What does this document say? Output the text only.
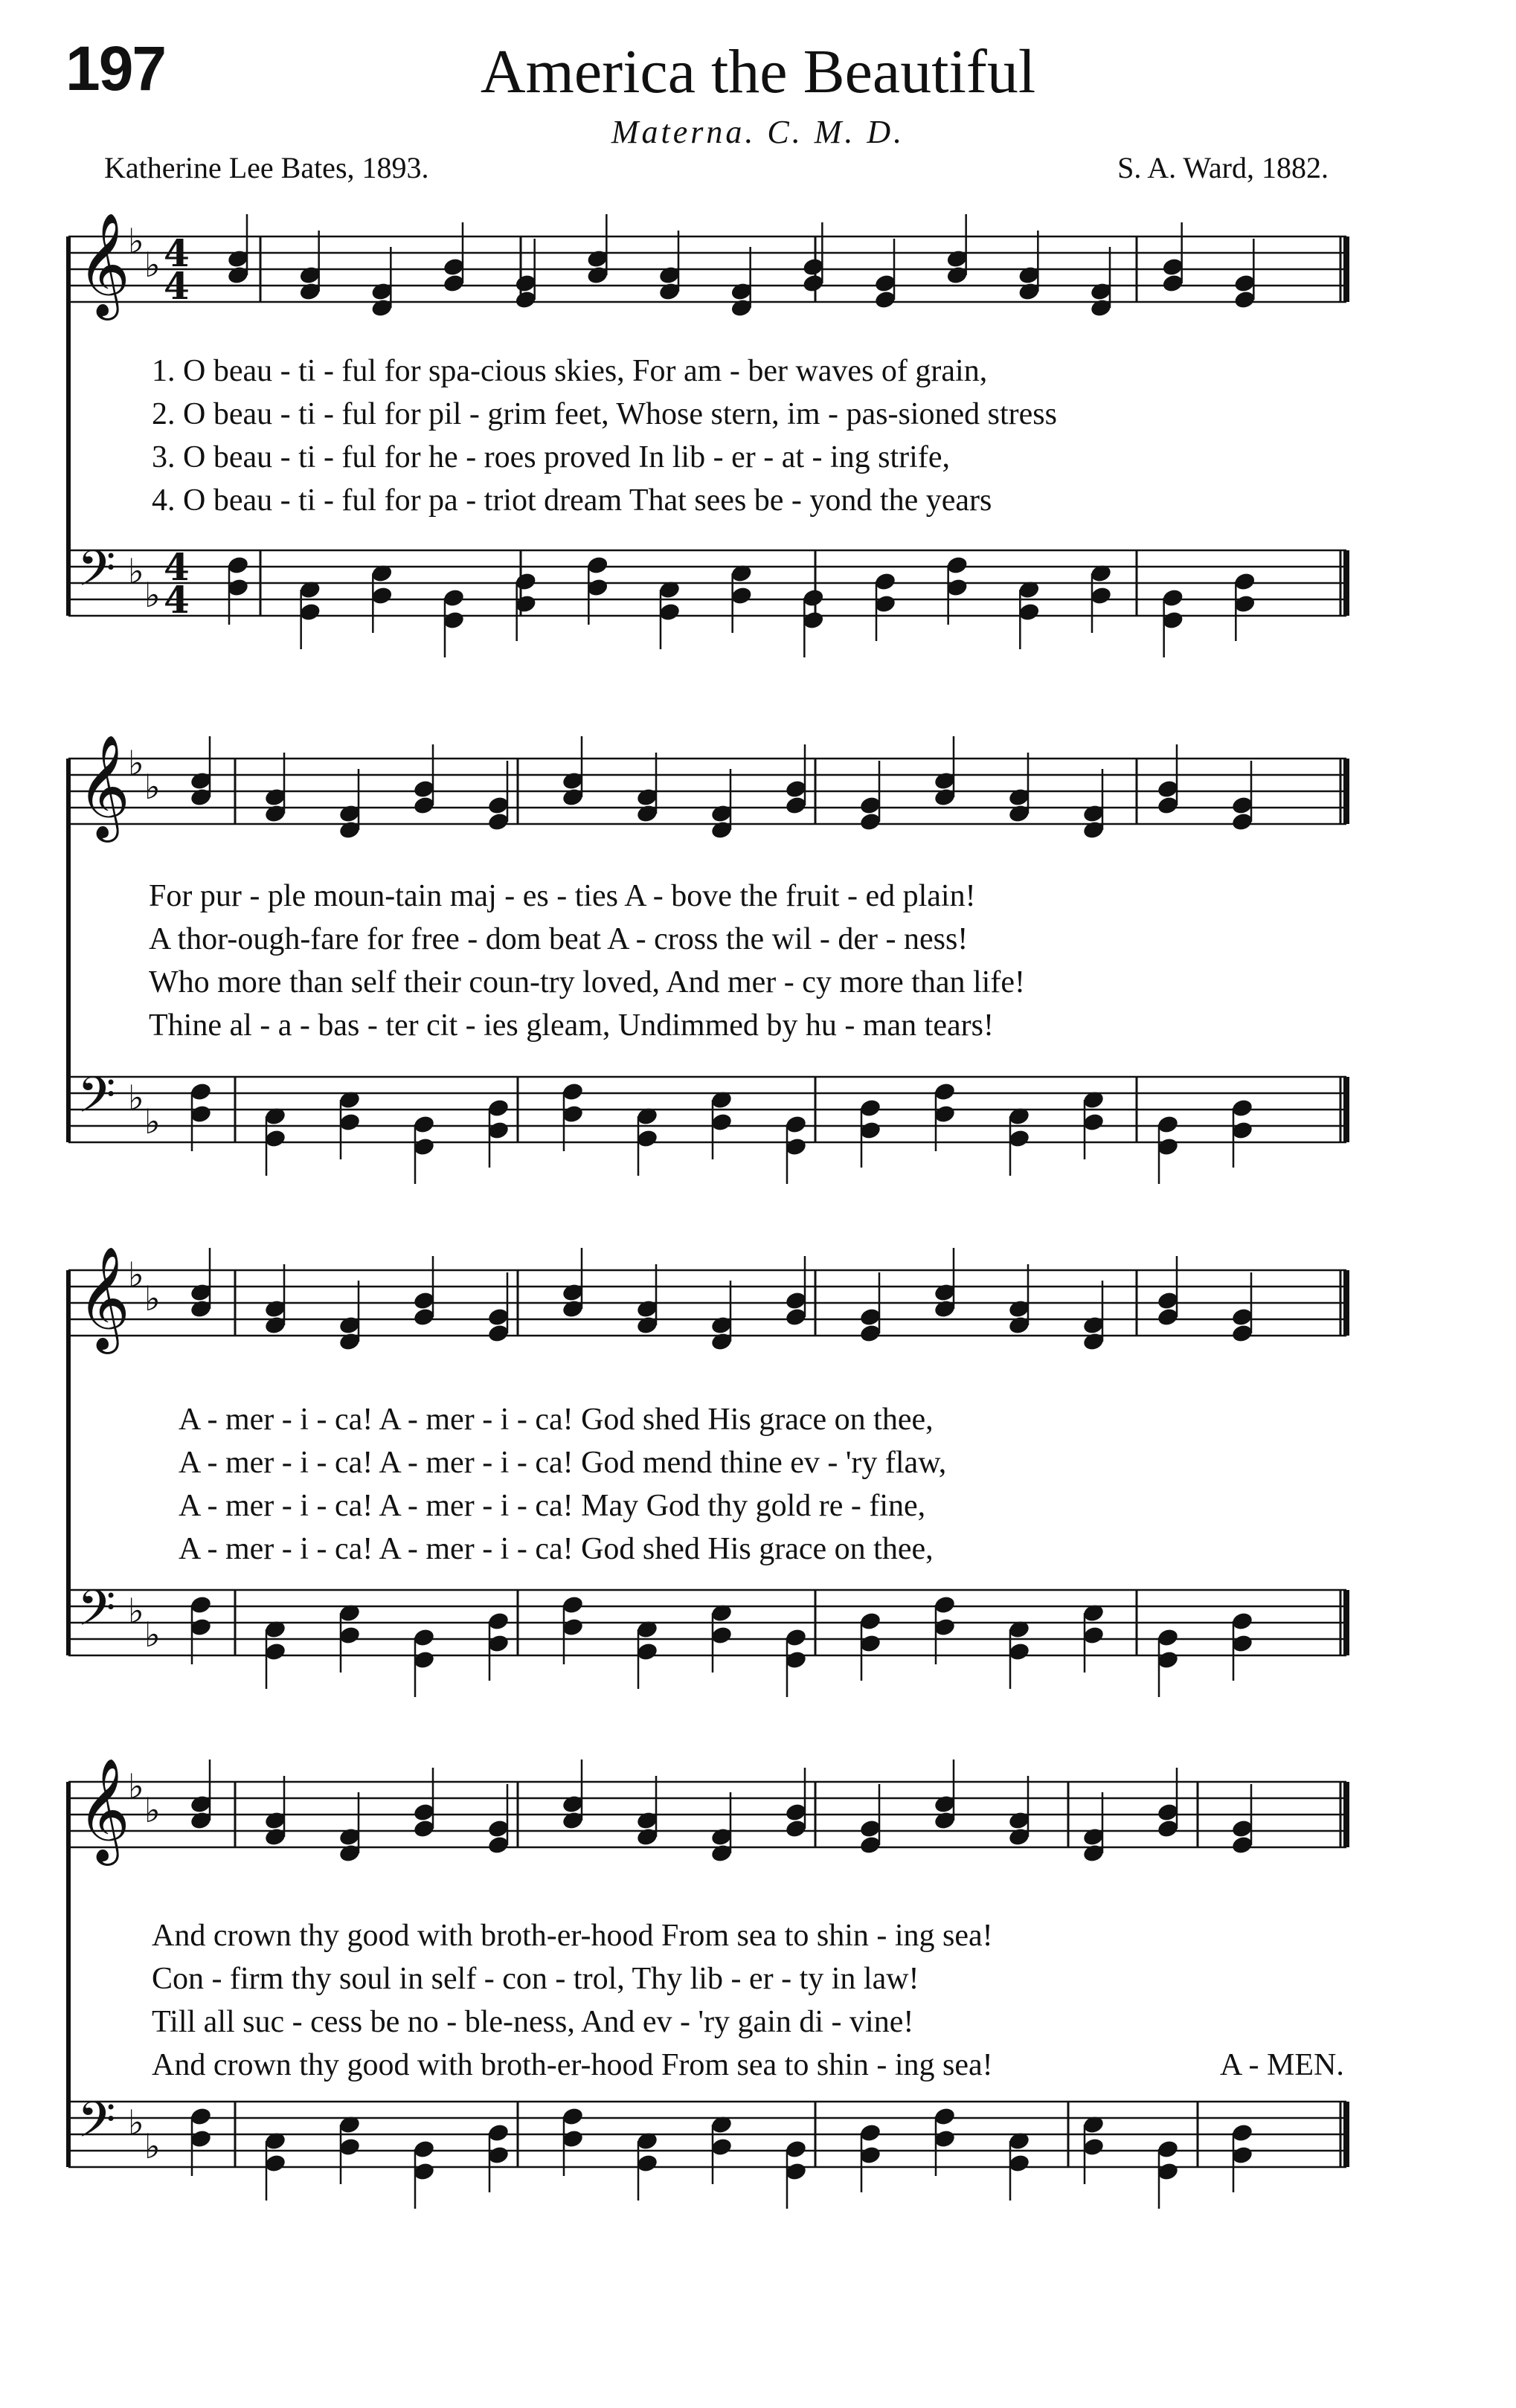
197	America the Beautiful
Materna. C. M. D.
Katherine Lee Bates, 1893.	S. A. Ward, 1882.
𝄞
♭
♭ 4
4
𝄢 ♭
♭
4
4
𝄞
♭
♭
𝄢 ♭
♭
𝄞
♭
♭
𝄢 ♭
♭
𝄞
♭
♭
𝄢 ♭
♭

1. O beau - ti - ful for spa-cious skies, For am - ber waves of grain,

2. O beau - ti - ful for pil - grim feet, Whose stern, im - pas-sioned stress

3. O beau - ti - ful for he - roes proved In lib - er - at - ing strife,

4. O beau - ti - ful for pa - triot dream That sees be - yond the years

For pur - ple moun-tain maj - es - ties A - bove the fruit - ed plain!

A thor-ough-fare for free - dom beat A - cross the wil - der - ness!

Who more than self their coun-try loved, And mer - cy more than life!

Thine al - a - bas - ter cit - ies gleam, Undimmed by hu - man tears!

A - mer - i - ca! A - mer - i - ca! God shed His grace on thee,

A - mer - i - ca! A - mer - i - ca! God mend thine ev - 'ry flaw,

A - mer - i - ca! A - mer - i - ca! May God thy gold re - fine,

A - mer - i - ca! A - mer - i - ca! God shed His grace on thee,

And crown thy good with broth-er-hood From sea to shin - ing sea!

Con - firm thy soul in self - con - trol, Thy lib - er - ty in law!

Till all suc - cess be no - ble-ness, And ev - 'ry gain di - vine!

And crown thy good with broth-er-hood From sea to shin - ing sea!

	A - MEN.
